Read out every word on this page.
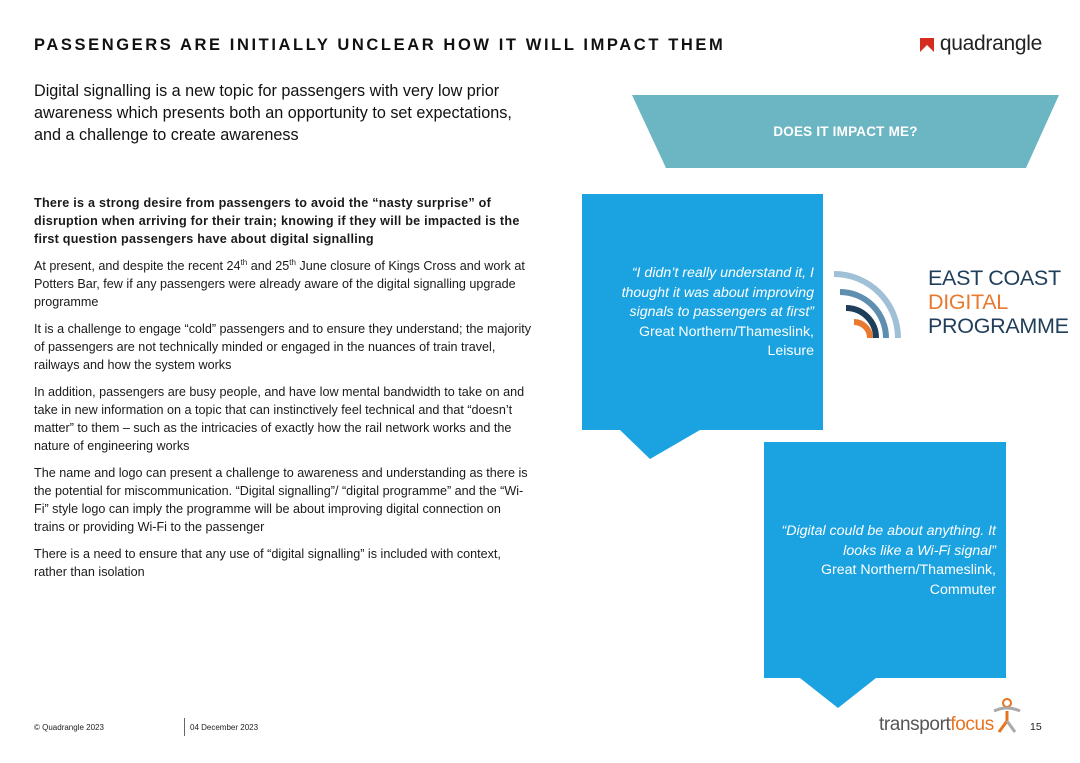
PASSENGERS ARE INITIALLY UNCLEAR HOW IT WILL IMPACT THEM	quadrangle

Digital signalling is a new topic for passengers with very low prior awareness which presents both an opportunity to set expectations, and a challenge to create awareness

There is a strong desire from passengers to avoid the “nasty surprise” of disruption when arriving for their train; knowing if they will be impacted is the first question passengers have about digital signalling

At present, and despite the recent 24th and 25th June closure of Kings Cross and work at Potters Bar, few if any passengers were already aware of the digital signalling upgrade programme

It is a challenge to engage “cold” passengers and to ensure they understand; the majority of passengers are not technically minded or engaged in the nuances of train travel, railways and how the system works

In addition, passengers are busy people, and have low mental bandwidth to take on and take in new information on a topic that can instinctively feel technical and that “doesn’t matter” to them – such as the intricacies of exactly how the rail network works and the nature of engineering works

The name and logo can present a challenge to awareness and understanding as there is the potential for miscommunication. “Digital signalling”/ “digital programme” and the “Wi-Fi” style logo can imply the programme will be about improving digital connection on trains or providing Wi-Fi to the passenger

There is a need to ensure that any use of “digital signalling” is included with context, rather than isolation

DOES IT IMPACT ME?
“I didn’t really understand it, I thought it was about improving signals to passengers at first”
Great Northern/Thameslink,
Leisure
“Digital could be about anything. It looks like a Wi-Fi signal”
Great Northern/Thameslink,
Commuter
EAST COAST
DIGITAL
PROGRAMME
© Quadrangle 2023	04 December 2023	transportfocus	15
